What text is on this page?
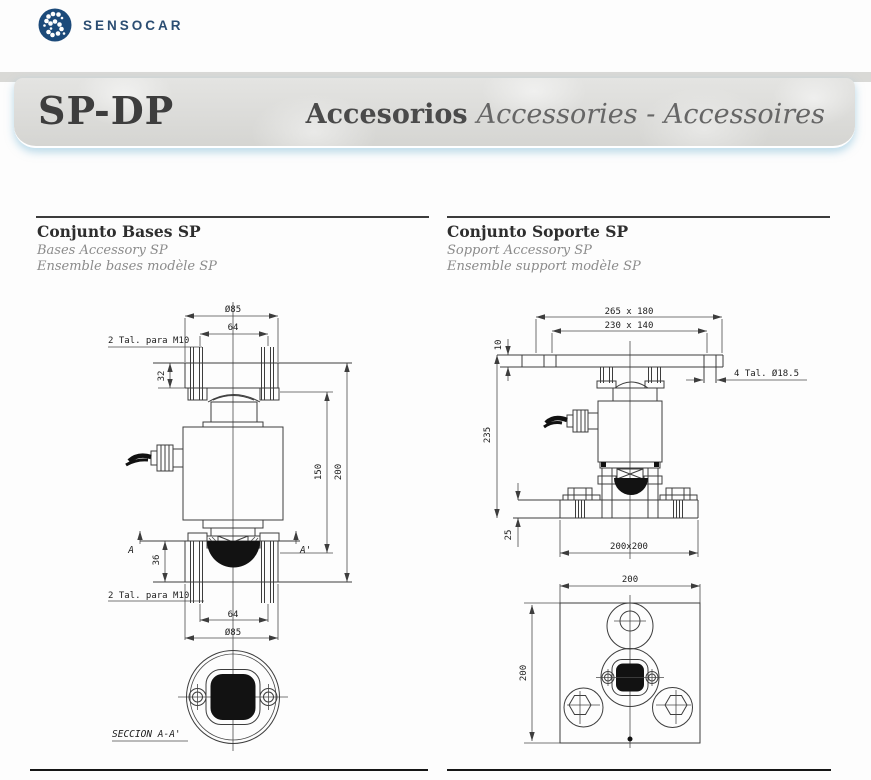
SENSOCAR
SP-DP	Accesorios Accessories - Accessoires
Conjunto Bases SP
Bases Accessory SP
Ensemble bases modèle SP
Conjunto Soporte SP
Sopport Accessory SP
Ensemble support modèle SP
Ø85
64
2 Tal. para M10
32
150 200
A	A'
36
2 Tal. para M10
64
Ø85
SECCION A-A'
265 x 180
230 x 140
10
4 Tal. Ø18.5
235
25
200x200
200
200
